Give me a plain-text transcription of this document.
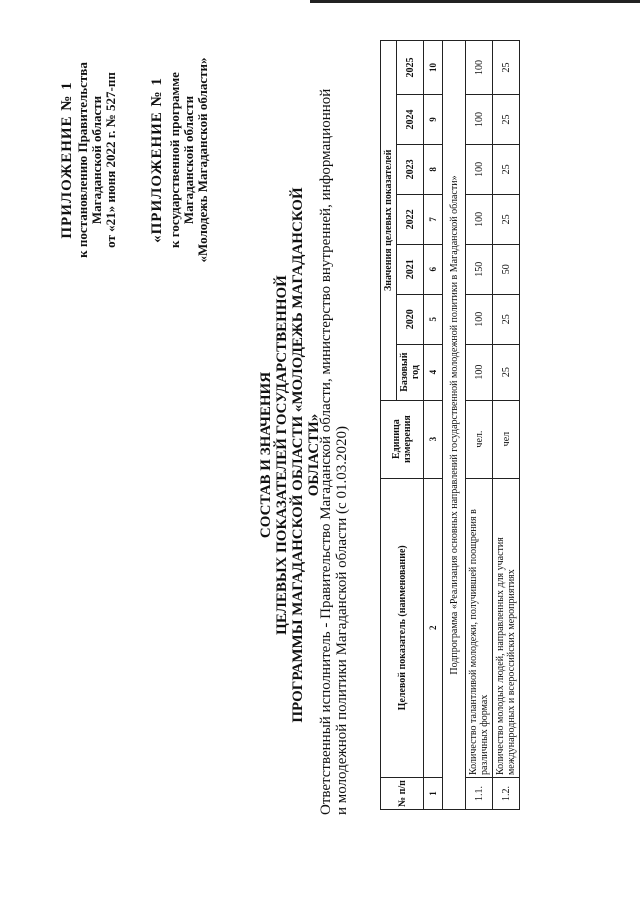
ПРИЛОЖЕНИЕ № 1 к постановлению Правительства Магаданской области от «21» июня 2022 г. № 527-пп «ПРИЛОЖЕНИЕ № 1 к государственной программе Магаданской области «Молодежь Магаданской области»
СОСТАВ И ЗНАЧЕНИЯ ЦЕЛЕВЫХ ПОКАЗАТЕЛЕЙ ГОСУДАРСТВЕННОЙ ПРОГРАММЫ МАГАДАНСКОЙ ОБЛАСТИ «МОЛОДЕЖЬ МАГАДАНСКОЙ ОБЛАСТИ»
Ответственный исполнитель - Правительство Магаданской области, министерство внутренней, информационной и молодежной политики Магаданской области (с 01.03.2020)	№ п/п	Целевой показатель (наименование)	Единица измерения	Значения целевых показателей						
			Базовый год	2020	2021	2022	2023	2024	2025
1	2	3	4	5	6	7	8	9	10
Подпрограмма «Реализация основных направлений государственной молодежной политики в Магаданской области»									
1.1.	Количество талантливой молодежи, получившей поощрения в различных формах	чел.	100	100	150	100	100	100	100
1.2.	Количество молодых людей, направленных для участия международных и всероссийских мероприятиях	чел	25	25	50	25	25	25	25
